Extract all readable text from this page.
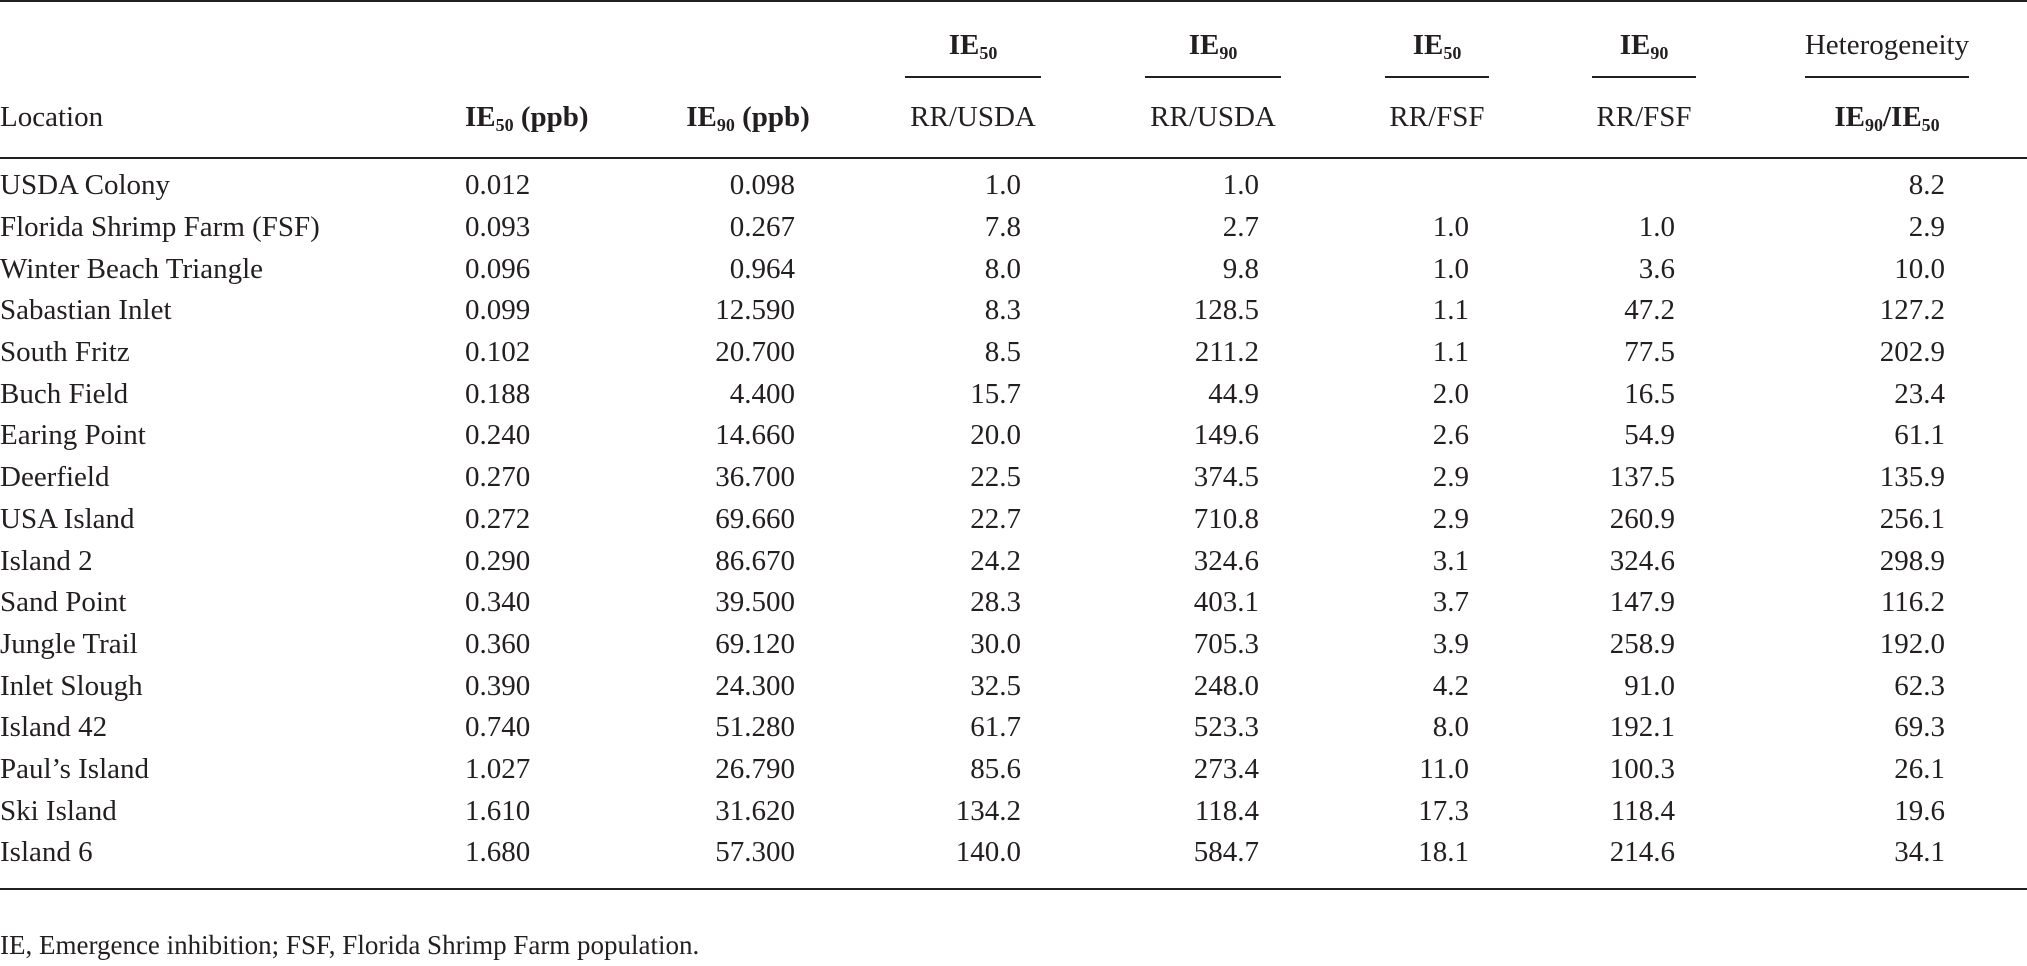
			$IE_{50}$	$IE_{90}$	$IE_{50}$	$IE_{90}$	Heterogeneity
Location	$IE_{50}$ (ppb)	$IE_{90}$ (ppb)	RR/USDA	RR/USDA	RR/FSF	RR/FSF	$IE_{90}/IE_{50}$
USDA Colony	0.012	0.098	1.0	1.0			8.2
Florida Shrimp Farm (FSF)	0.093	0.267	7.8	2.7	1.0	1.0	2.9
Winter Beach Triangle	0.096	0.964	8.0	9.8	1.0	3.6	10.0
Sabastian Inlet	0.099	12.590	8.3	128.5	1.1	47.2	127.2
South Fritz	0.102	20.700	8.5	211.2	1.1	77.5	202.9
Buch Field	0.188	4.400	15.7	44.9	2.0	16.5	23.4
Earing Point	0.240	14.660	20.0	149.6	2.6	54.9	61.1
Deerfield	0.270	36.700	22.5	374.5	2.9	137.5	135.9
USA Island	0.272	69.660	22.7	710.8	2.9	260.9	256.1
Island 2	0.290	86.670	24.2	324.6	3.1	324.6	298.9
Sand Point	0.340	39.500	28.3	403.1	3.7	147.9	116.2
Jungle Trail	0.360	69.120	30.0	705.3	3.9	258.9	192.0
Inlet Slough	0.390	24.300	32.5	248.0	4.2	91.0	62.3
Island 42	0.740	51.280	61.7	523.3	8.0	192.1	69.3
Paul’s Island	1.027	26.790	85.6	273.4	11.0	100.3	26.1
Ski Island	1.610	31.620	134.2	118.4	17.3	118.4	19.6
Island 6	1.680	57.300	140.0	584.7	18.1	214.6	34.1
IE, Emergence inhibition; FSF, Florida Shrimp Farm population.
